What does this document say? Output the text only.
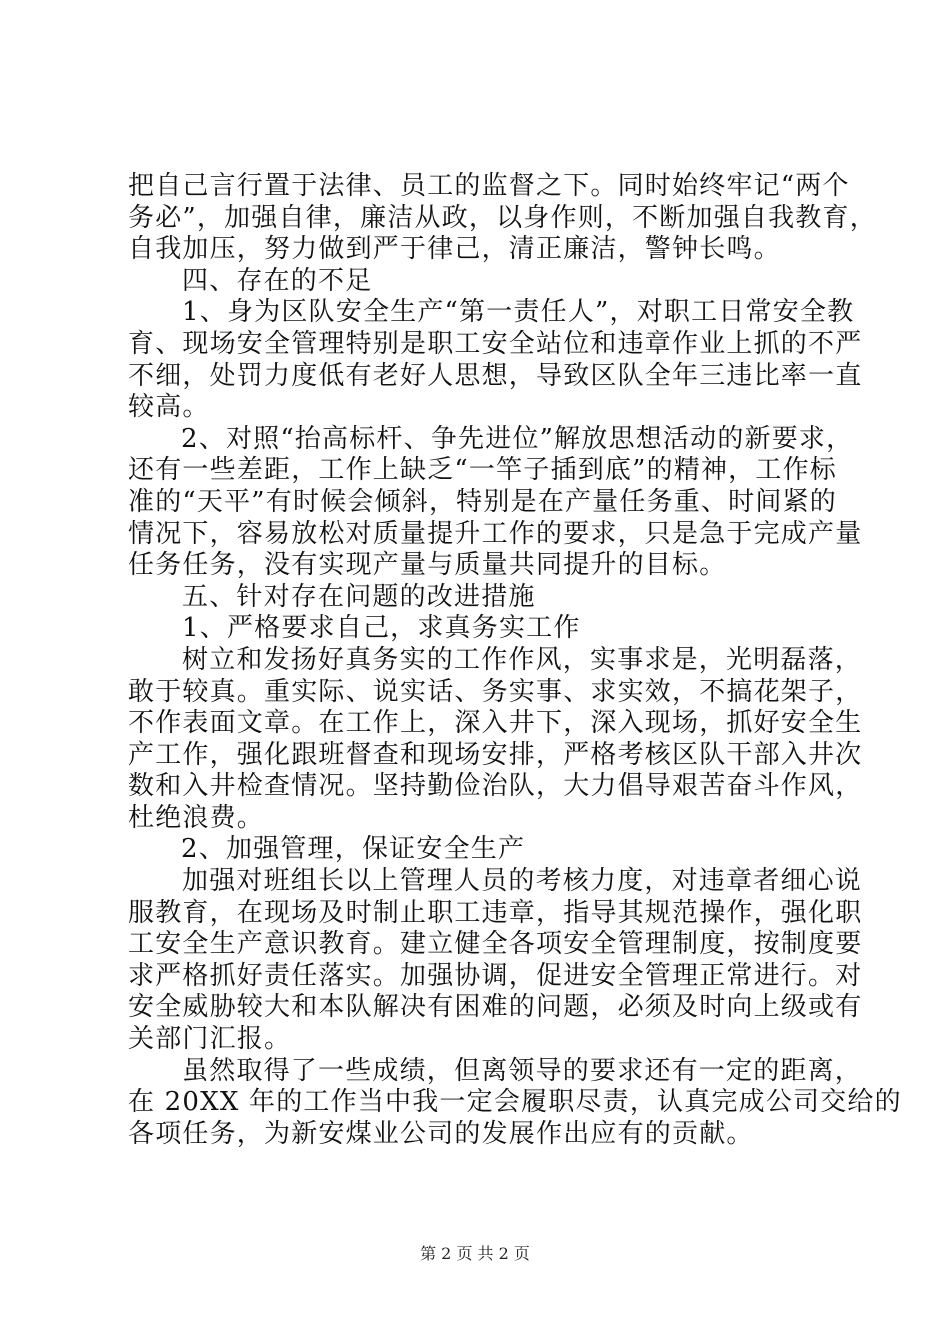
把自己言行置于法律、员工的监督之下。同时始终牢记“两个
务必”，加强自律，廉洁从政，以身作则，不断加强自我教育，
自我加压，努力做到严于律己，清正廉洁，警钟长鸣。
四、存在的不足
1、身为区队安全生产“第一责任人”，对职工日常安全教
育、现场安全管理特别是职工安全站位和违章作业上抓的不严
不细，处罚力度低有老好人思想，导致区队全年三违比率一直
较高。
2、对照“抬高标杆、争先进位”解放思想活动的新要求，
还有一些差距，工作上缺乏“一竿子插到底”的精神，工作标
准的“天平”有时候会倾斜，特别是在产量任务重、时间紧的
情况下，容易放松对质量提升工作的要求，只是急于完成产量
任务任务，没有实现产量与质量共同提升的目标。
五、针对存在问题的改进措施
1、严格要求自己，求真务实工作
树立和发扬好真务实的工作作风，实事求是，光明磊落，
敢于较真。重实际、说实话、务实事、求实效，不搞花架子，
不作表面文章。在工作上，深入井下，深入现场，抓好安全生
产工作，强化跟班督查和现场安排，严格考核区队干部入井次
数和入井检查情况。坚持勤俭治队，大力倡导艰苦奋斗作风，
杜绝浪费。
2、加强管理，保证安全生产
加强对班组长以上管理人员的考核力度，对违章者细心说
服教育，在现场及时制止职工违章，指导其规范操作，强化职
工安全生产意识教育。建立健全各项安全管理制度，按制度要
求严格抓好责任落实。加强协调，促进安全管理正常进行。对
安全威胁较大和本队解决有困难的问题，必须及时向上级或有
关部门汇报。
虽然取得了一些成绩，但离领导的要求还有一定的距离，
在 20XX 年的工作当中我一定会履职尽责，认真完成公司交给的
各项任务，为新安煤业公司的发展作出应有的贡献。
第 2 页 共 2 页
